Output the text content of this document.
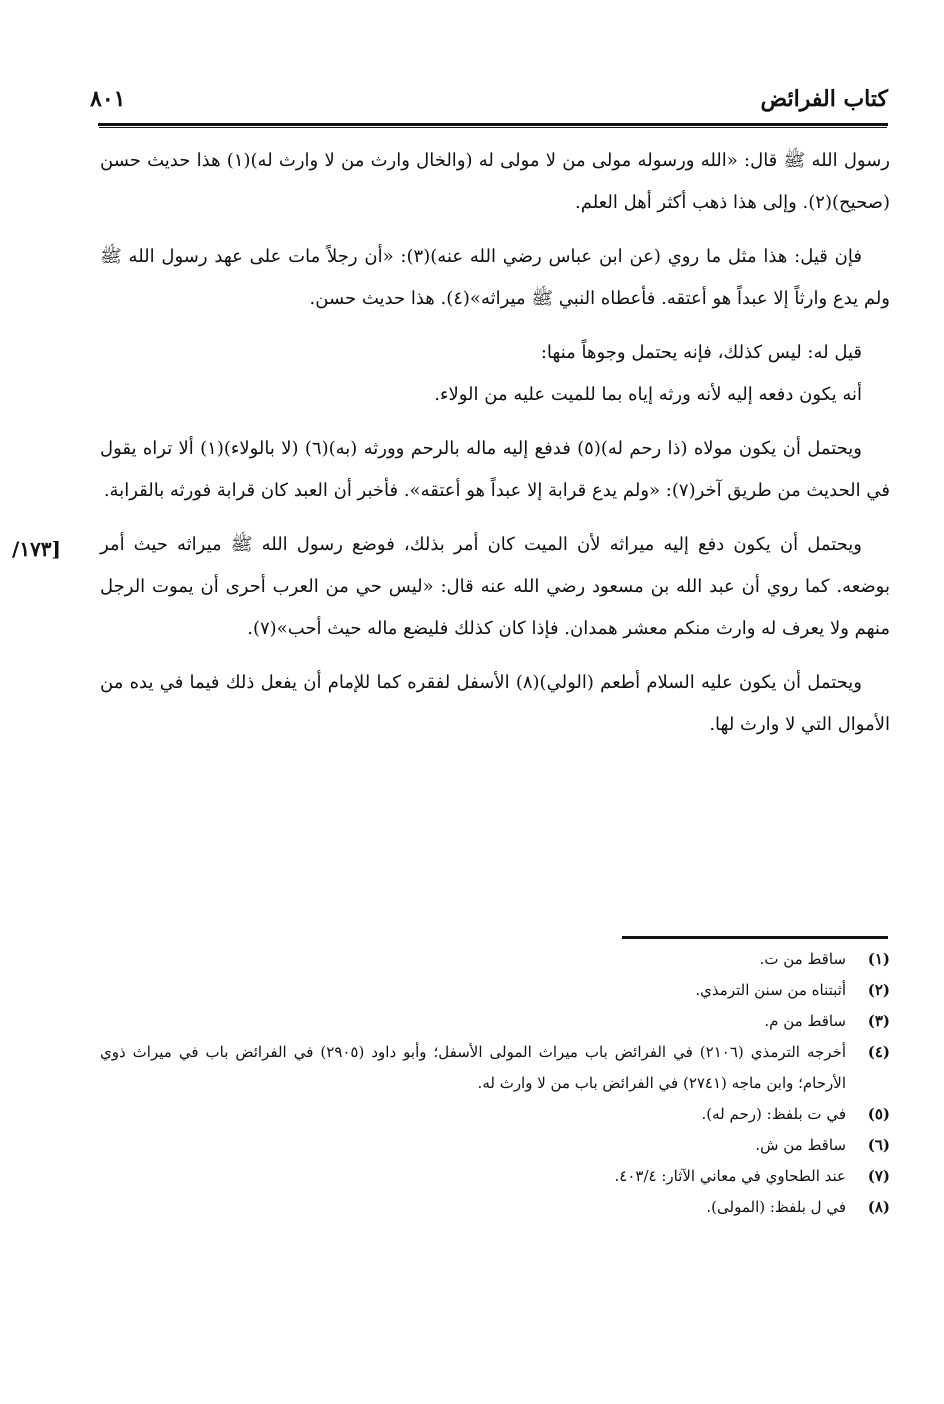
كتاب الفرائض
٨٠١
[١٧٣/

رسول الله ﷺ قال: «الله ورسوله مولى من لا مولى له (والخال وارث من لا وارث له)(١) هذا حديث حسن (صحيح)(٢). وإلى هذا ذهب أكثر أهل العلم.

فإن قيل: هذا مثل ما روي (عن ابن عباس رضي الله عنه)(٣): «أن رجلاً مات على عهد رسول الله ﷺ ولم يدع وارثاً إلا عبداً هو أعتقه. فأعطاه النبي ﷺ ميراثه»(٤). هذا حديث حسن.

قيل له: ليس كذلك، فإنه يحتمل وجوهاً منها:

أنه يكون دفعه إليه لأنه ورثه إياه بما للميت عليه من الولاء.

ويحتمل أن يكون مولاه (ذا رحم له)(٥) فدفع إليه ماله بالرحم وورثه (به)(٦) (لا بالولاء)(١) ألا تراه يقول في الحديث من طريق آخر(٧): «ولم يدع قرابة إلا عبداً هو أعتقه». فأخبر أن العبد كان قرابة فورثه بالقرابة.

ويحتمل أن يكون دفع إليه ميراثه لأن الميت كان أمر بذلك، فوضع رسول الله ﷺ ميراثه حيث أمر بوضعه. كما روي أن عبد الله بن مسعود رضي الله عنه قال: «ليس حي من العرب أحرى أن يموت الرجل منهم ولا يعرف له وارث منكم معشر همدان. فإذا كان كذلك فليضع ماله حيث أحب»(٧).

ويحتمل أن يكون عليه السلام أطعم (الولي)(٨) الأسفل لفقره كما للإمام أن يفعل ذلك فيما في يده من الأموال التي لا وارث لها.

(١)
ساقط من ت.
(٢)
أثبتناه من سنن الترمذي.
(٣)
ساقط من م.
(٤)
أخرجه الترمذي (٢١٠٦) في الفرائض باب ميراث المولى الأسفل؛ وأبو داود (٢٩٠٥) في الفرائض باب في ميراث ذوي الأرحام؛ وابن ماجه (٢٧٤١) في الفرائض باب من لا وارث له.
(٥)
في ت بلفظ: (رحم له).
(٦)
ساقط من ش.
(٧)
عند الطحاوي في معاني الآثار: ٤٠٣/٤.
(٨)
في ل بلفظ: (المولى).
